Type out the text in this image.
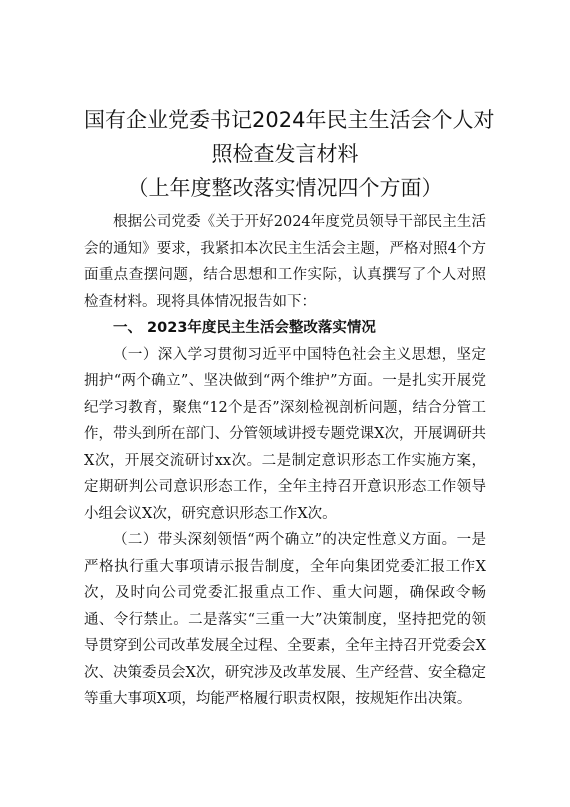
国有企业党委书记2024年民主生活会个人对
照检查发言材料
（上年度整改落实情况四个方面）

根据公司党委《关于开好2024年度党员领导干部民主生活会的通知》要求，我紧扣本次民主生活会主题，严格对照4个方面重点查摆问题，结合思想和工作实际，认真撰写了个人对照检查材料。现将具体情况报告如下：

一、 2023年度民主生活会整改落实情况

（一）深入学习贯彻习近平中国特色社会主义思想，坚定拥护“两个确立”、坚决做到“两个维护”方面。一是扎实开展党纪学习教育，聚焦“12个是否”深刻检视剖析问题，结合分管工作，带头到所在部门、分管领域讲授专题党课X次，开展调研共X次，开展交流研讨xx次。二是制定意识形态工作实施方案，定期研判公司意识形态工作，全年主持召开意识形态工作领导小组会议X次，研究意识形态工作X次。

（二）带头深刻领悟“两个确立”的决定性意义方面。一是严格执行重大事项请示报告制度，全年向集团党委汇报工作X次，及时向公司党委汇报重点工作、重大问题，确保政令畅通、令行禁止。二是落实“三重一大”决策制度，坚持把党的领导贯穿到公司改革发展全过程、全要素，全年主持召开党委会X次、决策委员会X次，研究涉及改革发展、生产经营、安全稳定等重大事项X项，均能严格履行职责权限，按规矩作出决策。
